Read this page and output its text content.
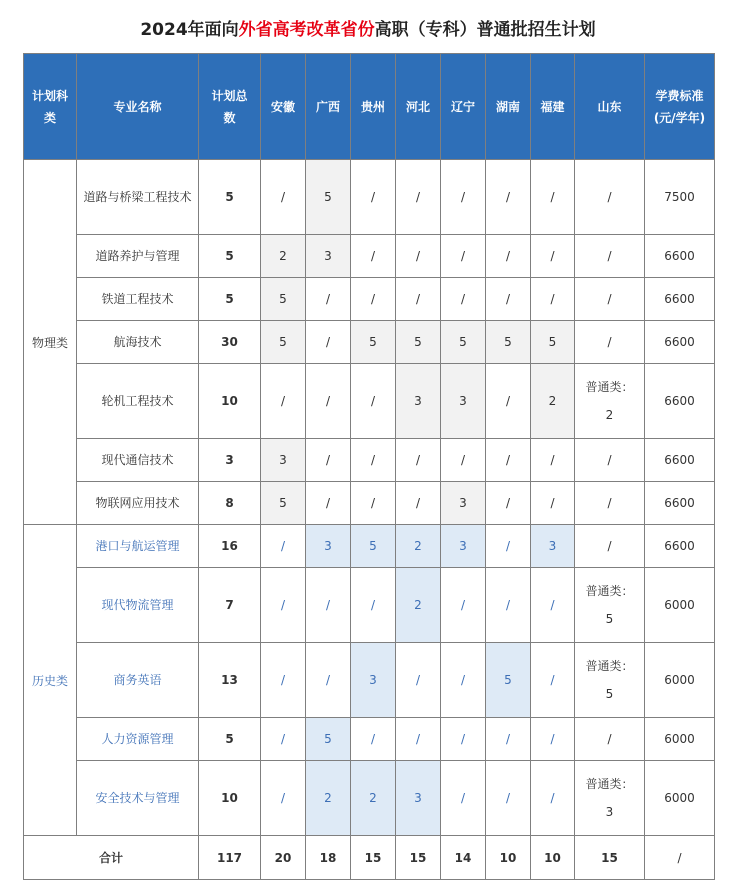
2024年面向 外省高考改革省份 高职（专科）普通批招生计划
计划科类	专业名称	计划总数	安徽	广西	贵州	河北	辽宁	湖南	福建	山东	学费标准(元/学年)
物理类	道路与桥梁工程技术	5	/	5	/	/	/	/	/	/	7500
	道路养护与管理	5	2	3	/	/	/	/	/	/	6600
	铁道工程技术	5	5	/	/	/	/	/	/	/	6600
	航海技术	30	5	/	5	5	5	5	5	/	6600
	轮机工程技术	10	/	/	/	3	3	/	2	普通类：2	6600
	现代通信技术	3	3	/	/	/	/	/	/	/	6600
	物联网应用技术	8	5	/	/	/	3	/	/	/	6600
历史类	港口与航运管理	16	/	3	5	2	3	/	3	/	6600
	现代物流管理	7	/	/	/	2	/	/	/	普通类：5	6000
	商务英语	13	/	/	3	/	/	5	/	普通类：5	6000
	人力资源管理	5	/	5	/	/	/	/	/	/	6000
	安全技术与管理	10	/	2	2	3	/	/	/	普通类：3	6000
合计		117	20	18	15	15	14	10	10	15	/
